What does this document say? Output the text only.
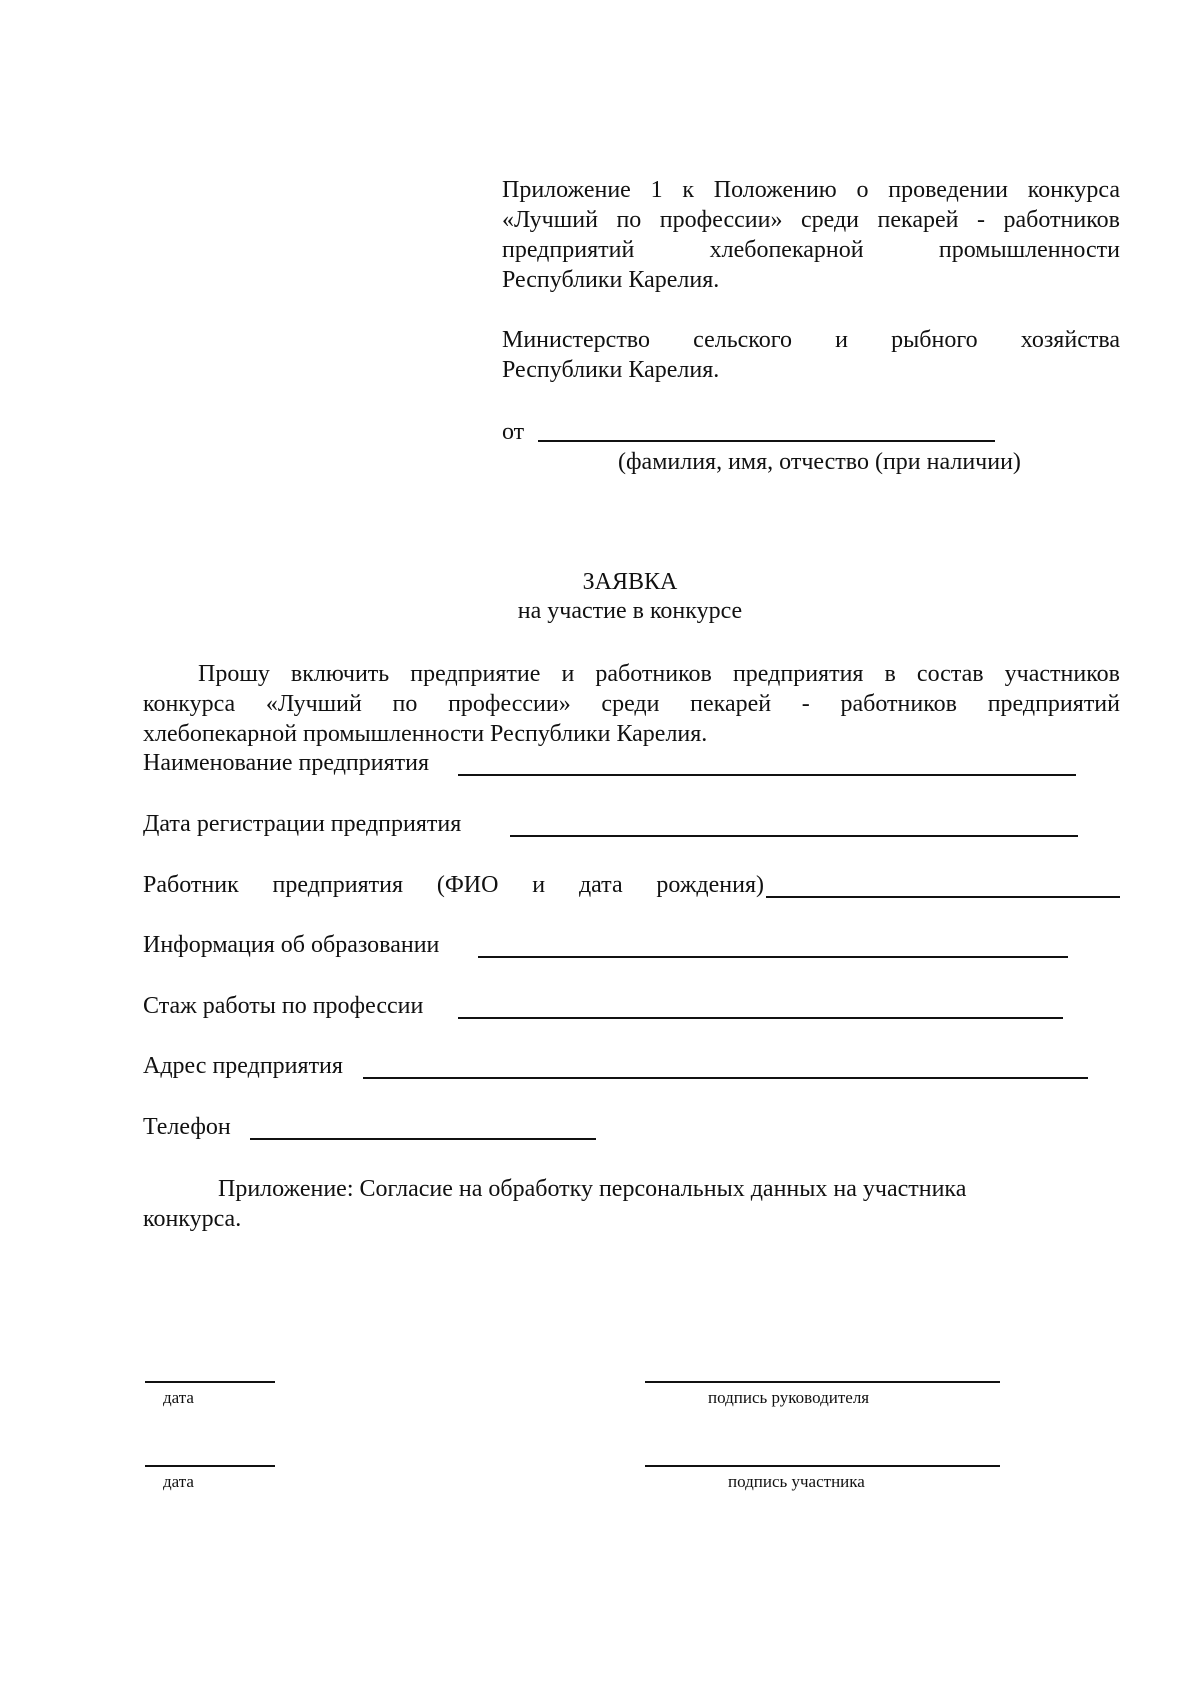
Приложение 1 к Положению о проведении конкурса
«Лучший по профессии» среди пекарей - работников
предприятий хлебопекарной промышленности
Республики Карелия.
Министерство сельского и рыбного хозяйства
Республики Карелия.
от
(фамилия, имя, отчество (при наличии)
ЗАЯВКА
на участие в конкурсе
Прошу включить предприятие и работников предприятия в состав участников
конкурса «Лучший по профессии» среди пекарей - работников предприятий
хлебопекарной промышленности Республики Карелия.
Наименование предприятия
Дата регистрации предприятия
Работник предприятия (ФИО и дата рождения)
Информация об образовании
Стаж работы по профессии
Адрес предприятия
Телефон
Приложение: Согласие на обработку персональных данных на участника
конкурса.
дата	подпись руководителя
дата	подпись участника
